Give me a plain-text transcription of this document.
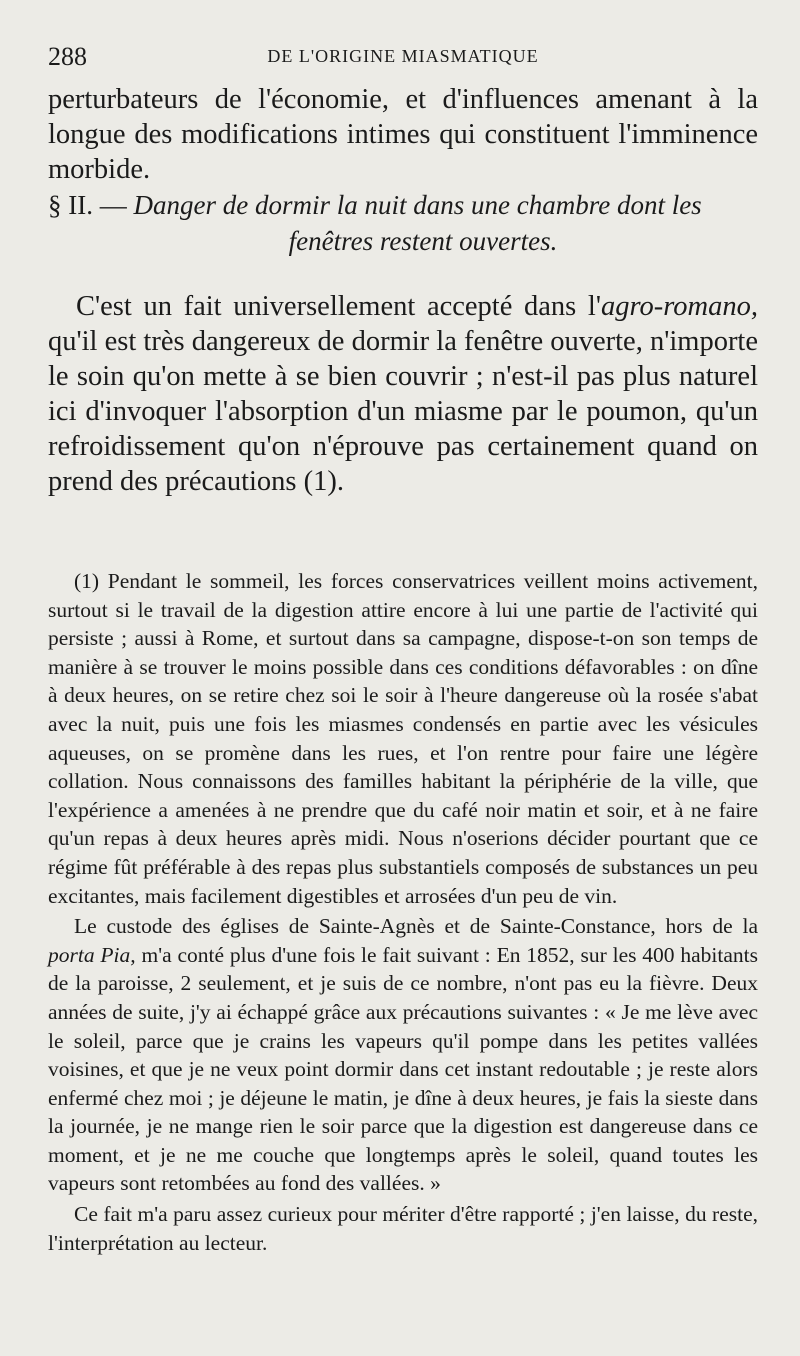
288	DE L'ORIGINE MIASMATIQUE

perturbateurs de l'économie, et d'influences amenant à la longue des modifications intimes qui constituent l'imminence morbide.

§ II. — Danger de dormir la nuit dans une chambre dont les
fenêtres restent ouvertes.

C'est un fait universellement accepté dans l'agro-romano, qu'il est très dangereux de dormir la fenêtre ouverte, n'importe le soin qu'on mette à se bien couvrir ; n'est-il pas plus naturel ici d'invoquer l'absorption d'un miasme par le poumon, qu'un refroidissement qu'on n'éprouve pas certainement quand on prend des précautions (1).

(1) Pendant le sommeil, les forces conservatrices veillent moins activement, surtout si le travail de la digestion attire encore à lui une partie de l'activité qui persiste ; aussi à Rome, et surtout dans sa campagne, dispose-t-on son temps de manière à se trouver le moins possible dans ces conditions défavorables : on dîne à deux heures, on se retire chez soi le soir à l'heure dangereuse où la rosée s'abat avec la nuit, puis une fois les miasmes condensés en partie avec les vésicules aqueuses, on se promène dans les rues, et l'on rentre pour faire une légère collation. Nous connaissons des familles habitant la périphérie de la ville, que l'expérience a amenées à ne prendre que du café noir matin et soir, et à ne faire qu'un repas à deux heures après midi. Nous n'oserions décider pourtant que ce régime fût préférable à des repas plus substantiels composés de substances un peu excitantes, mais facilement digestibles et arrosées d'un peu de vin.

Le custode des églises de Sainte-Agnès et de Sainte-Constance, hors de la porta Pia, m'a conté plus d'une fois le fait suivant : En 1852, sur les 400 habitants de la paroisse, 2 seulement, et je suis de ce nombre, n'ont pas eu la fièvre. Deux années de suite, j'y ai échappé grâce aux précautions suivantes : « Je me lève avec le soleil, parce que je crains les vapeurs qu'il pompe dans les petites vallées voisines, et que je ne veux point dormir dans cet instant redoutable ; je reste alors enfermé chez moi ; je déjeune le matin, je dîne à deux heures, je fais la sieste dans la journée, je ne mange rien le soir parce que la digestion est dangereuse dans ce moment, et je ne me couche que longtemps après le soleil, quand toutes les vapeurs sont retombées au fond des vallées. »

Ce fait m'a paru assez curieux pour mériter d'être rapporté ; j'en laisse, du reste, l'interprétation au lecteur.
